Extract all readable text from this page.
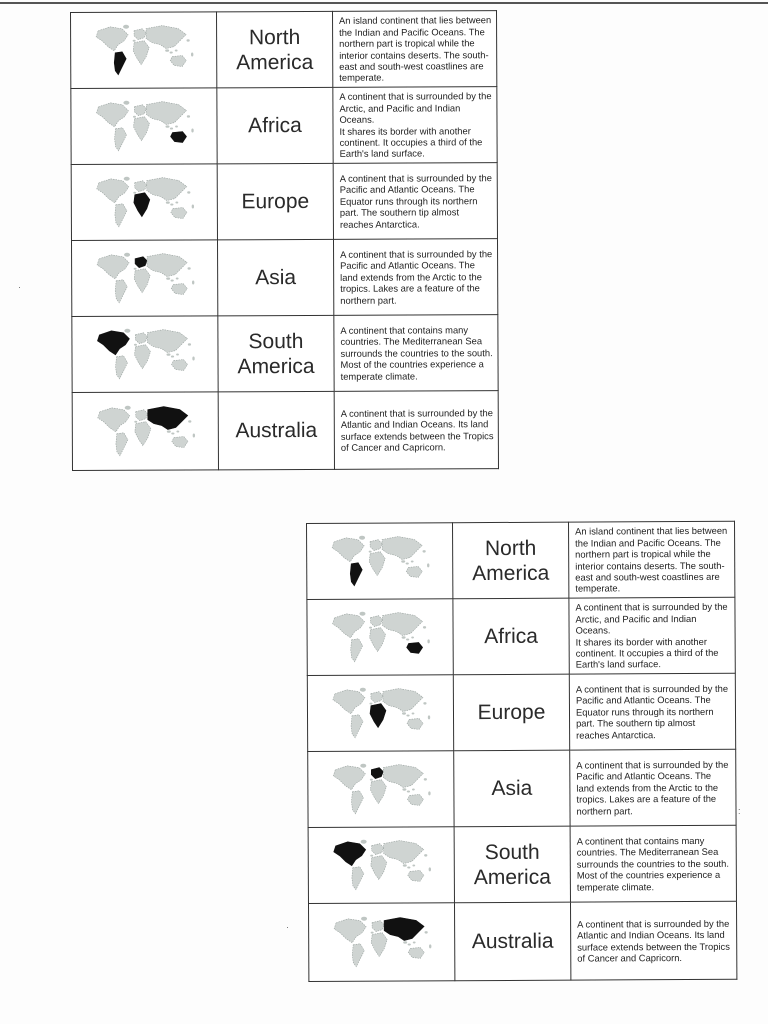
	North
America	An island continent that lies between the Indian and Pacific Oceans. The northern part is tropical while the interior contains deserts. The south-east and south-west coastlines are temperate.

	Africa	A continent that is surrounded by the Arctic, and Pacific and Indian Oceans.
It shares its border with another continent. It occupies a third of the Earth's land surface.

	Europe	A continent that is surrounded by the Pacific and Atlantic Oceans. The Equator runs through its northern part. The southern tip almost reaches Antarctica.

	Asia	A continent that is surrounded by the Pacific and Atlantic Oceans. The land extends from the Arctic to the tropics. Lakes are a feature of the northern part.

	South
America	A continent that contains many countries. The Mediterranean Sea surrounds the countries to the south. Most of the countries experience a temperate climate.

	Australia	A continent that is surrounded by the Atlantic and Indian Oceans. Its land surface extends between the Tropics of Cancer and Capricorn.
	North
America	An island continent that lies between the Indian and Pacific Oceans. The northern part is tropical while the interior contains deserts. The south-east and south-west coastlines are temperate.

	Africa	A continent that is surrounded by the Arctic, and Pacific and Indian Oceans.
It shares its border with another continent. It occupies a third of the Earth's land surface.

	Europe	A continent that is surrounded by the Pacific and Atlantic Oceans. The Equator runs through its northern part. The southern tip almost reaches Antarctica.

	Asia	A continent that is surrounded by the Pacific and Atlantic Oceans. The land extends from the Arctic to the tropics. Lakes are a feature of the northern part.

	South
America	A continent that contains many countries. The Mediterranean Sea surrounds the countries to the south. Most of the countries experience a temperate climate.

	Australia	A continent that is surrounded by the Atlantic and Indian Oceans. Its land surface extends between the Tropics of Cancer and Capricorn.
·
:
·
